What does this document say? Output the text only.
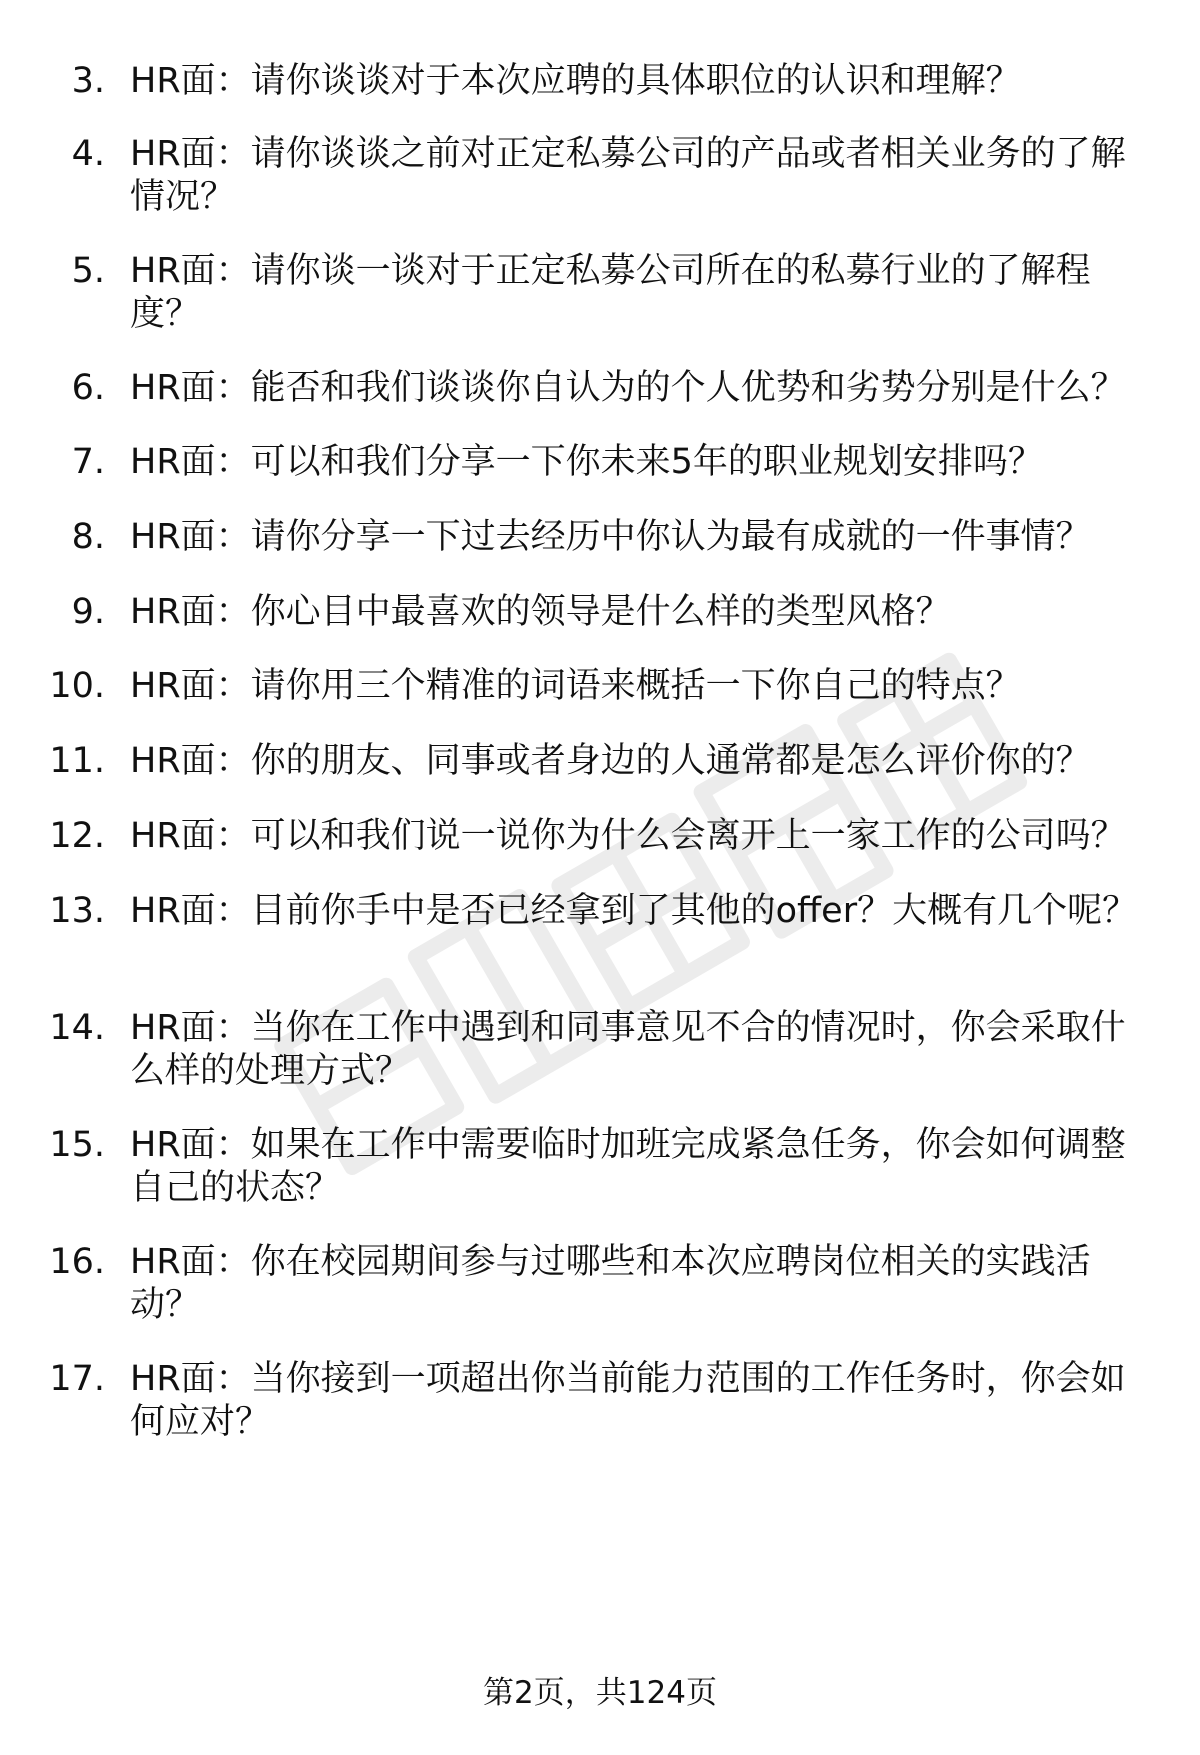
3. HR面：请你谈谈对于本次应聘的具体职位的认识和理解？
4. HR面：请你谈谈之前对正定私募公司的产品或者相关业务的了解情况？
5. HR面：请你谈一谈对于正定私募公司所在的私募行业的了解程度？
6. HR面：能否和我们谈谈你自认为的个人优势和劣势分别是什么？
7. HR面：可以和我们分享一下你未来5年的职业规划安排吗？
8. HR面：请你分享一下过去经历中你认为最有成就的一件事情？
9. HR面：你心目中最喜欢的领导是什么样的类型风格？
10. HR面：请你用三个精准的词语来概括一下你自己的特点？
11. HR面：你的朋友、同事或者身边的人通常都是怎么评价你的？
12. HR面：可以和我们说一说你为什么会离开上一家工作的公司吗？
13. HR面：目前你手中是否已经拿到了其他的offer？大概有几个呢？
14. HR面：当你在工作中遇到和同事意见不合的情况时，你会采取什么样的处理方式？
15. HR面：如果在工作中需要临时加班完成紧急任务，你会如何调整自己的状态？
16. HR面：你在校园期间参与过哪些和本次应聘岗位相关的实践活动？
17. HR面：当你接到一项超出你当前能力范围的工作任务时，你会如何应对？
第2页，共124页
